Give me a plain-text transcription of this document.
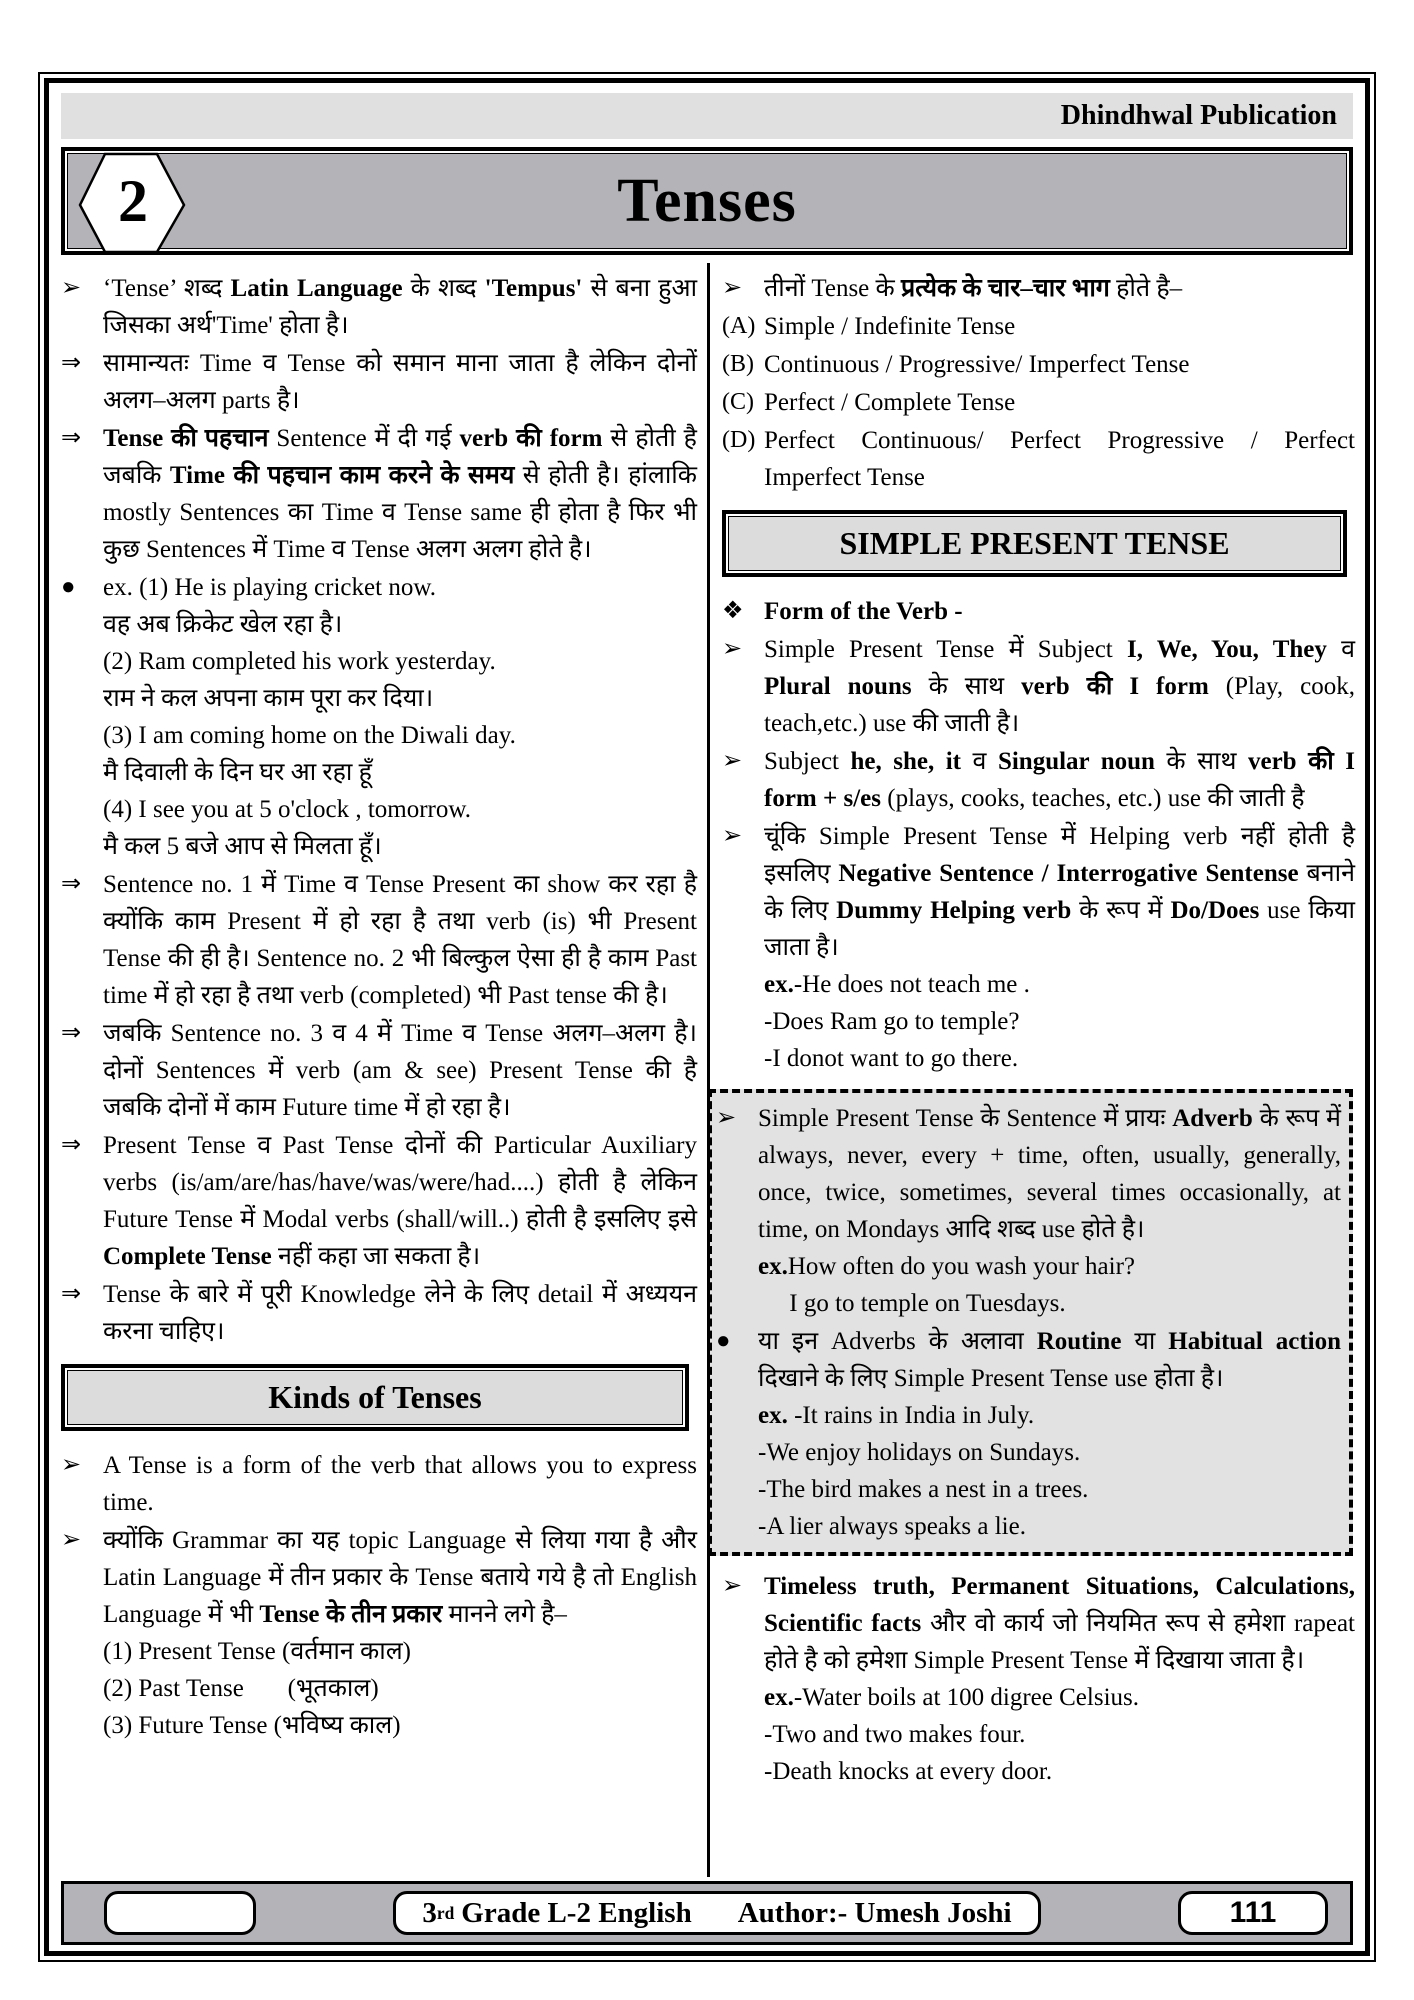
Dhindhwal Publication
2	Tenses
➢ ‘Tense’ शब्द Latin Language के शब्द 'Tempus' से बना हुआ जिसका अर्थ'Time' होता है।
⇒ सामान्यतः Time व Tense को समान माना जाता है लेकिन दोनों अलग–अलग parts है।
⇒ Tense की पहचान Sentence में दी गई verb की form से होती है जबकि Time की पहचान काम करने के समय से होती है। हांलाकि mostly Sentences का Time व Tense same ही होता है फिर भी कुछ Sentences में Time व Tense अलग अलग होते है।
●	ex. (1) He is playing cricket now.
वह अब क्रिकेट खेल रहा है।
(2) Ram completed his work yesterday.
राम ने कल अपना काम पूरा कर दिया।
(3) I am coming home on the Diwali day.
मै दिवाली के दिन घर आ रहा हूँ
(4) I see you at 5 o'clock , tomorrow.
मै कल 5 बजे आप से मिलता हूँ।
⇒ Sentence no. 1 में Time व Tense Present का show कर रहा है क्योंकि काम Present में हो रहा है तथा verb (is) भी Present Tense की ही है। Sentence no. 2 भी बिल्कुल ऐसा ही है काम Past time में हो रहा है तथा verb (completed) भी Past tense की है।
⇒ जबकि Sentence no. 3 व 4 में Time व Tense अलग–अलग है। दोनों Sentences में verb (am & see) Present Tense की है जबकि दोनों में काम Future time में हो रहा है।
⇒ Present Tense व Past Tense दोनों की Particular Auxiliary verbs (is/am/are/has/have/was/were/had....) होती है लेकिन Future Tense में Modal verbs (shall/will..) होती है इसलिए इसे Complete Tense नहीं कहा जा सकता है।
⇒ Tense के बारे में पूरी Knowledge लेने के लिए detail में अध्ययन करना चाहिए।
Kinds of Tenses
➢ A Tense is a form of the verb that allows you to express time.
➢ क्योंकि Grammar का यह topic Language से लिया गया है और Latin Language में तीन प्रकार के Tense बताये गये है तो English Language में भी Tense के तीन प्रकार मानने लगे है–
(1) Present Tense (वर्तमान काल)
(2) Past Tense       (भूतकाल)
(3) Future Tense (भविष्य काल)
➢ तीनों Tense के प्रत्येक के चार–चार भाग होते है–
(A) Simple / Indefinite Tense
(B) Continuous / Progressive/ Imperfect Tense
(C) Perfect / Complete Tense
(D) Perfect Continuous/ Perfect Progressive / Perfect Imperfect Tense
SIMPLE PRESENT TENSE
❖ Form of the Verb -
➢ Simple Present Tense में Subject I, We, You, They व Plural nouns के साथ verb की I form (Play, cook, teach,etc.) use की जाती है।
➢ Subject he, she, it व Singular noun के साथ verb की I form + s/es (plays, cooks, teaches, etc.) use की जाती है
➢ चूंकि Simple Present Tense में Helping verb नहीं होती है इसलिए Negative Sentence / Interrogative Sentense बनाने के लिए Dummy Helping verb के रूप में Do/Does use किया जाता है।
ex.-He does not teach me .
-Does Ram go to temple?
-I donot want to go there.
➢ Simple Present Tense के Sentence में प्रायः Adverb के रूप में always, never, every + time, often, usually, generally, once, twice, sometimes, several times occasionally, at time, on Mondays आदि शब्द use होते है।
ex.How often do you wash your hair?
I go to temple on Tuesdays.
●	या इन Adverbs के अलावा Routine या Habitual action दिखाने के लिए Simple Present Tense use होता है।
ex. -It rains in India in July.
-We enjoy holidays on Sundays.
-The bird makes a nest in a trees.
-A lier always speaks a lie.
➢ Timeless truth, Permanent Situations, Calculations, Scientific facts और वो कार्य जो नियमित रूप से हमेशा rapeat होते है को हमेशा Simple Present Tense में दिखाया जाता है।
ex.-Water boils at 100 digree Celsius.
-Two and two makes four.
-Death knocks at every door.
3 rd Grade L-2 English Author:- Umesh Joshi	111
